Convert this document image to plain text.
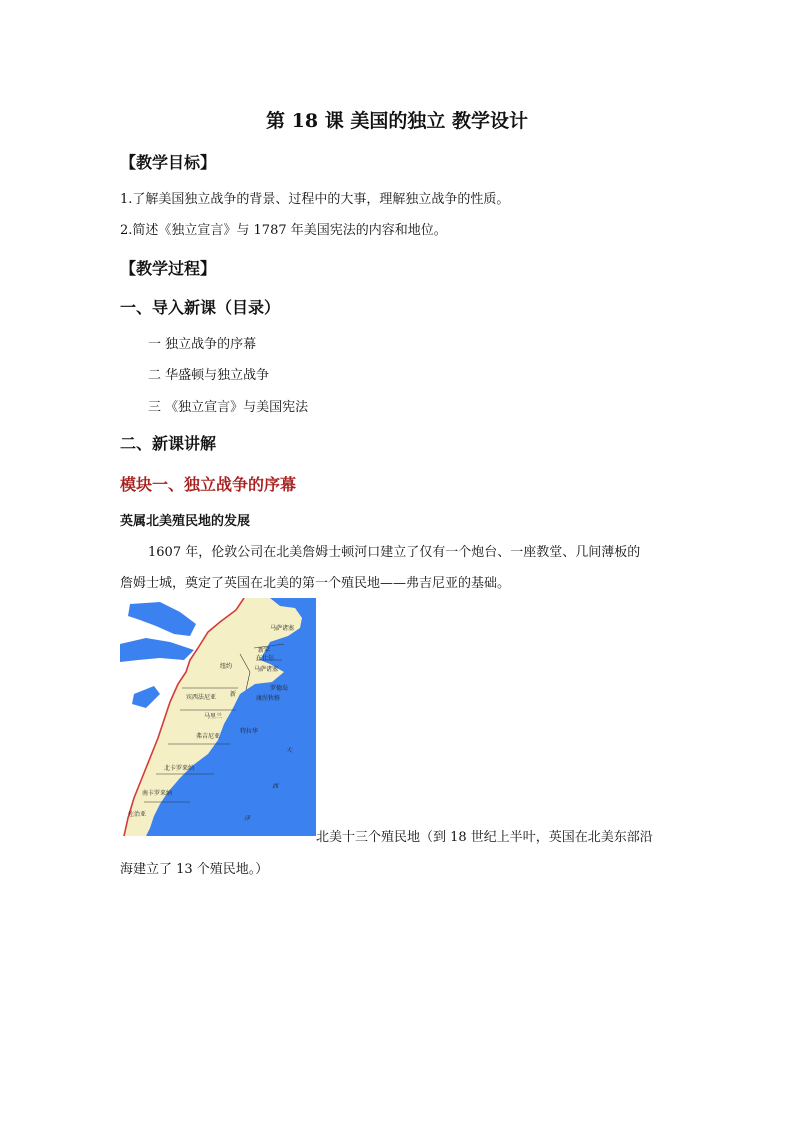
第 18 课 美国的独立 教学设计
【教学目标】
1.了解美国独立战争的背景、过程中的大事，理解独立战争的性质。
2.简述《独立宣言》与 1787 年美国宪法的内容和地位。
【教学过程】
一、导入新课（目录）
一 独立战争的序幕
二 华盛顿与独立战争
三 《独立宣言》与美国宪法
二、新课讲解
模块一、独立战争的序幕
英属北美殖民地的发展
1607 年，伦敦公司在北美詹姆士顿河口建立了仅有一个炮台、一座教堂、几间薄板的
詹姆士城，奠定了英国在北美的第一个殖民地——弗吉尼亚的基础。
马萨诸塞
新罕
布什尔
纽约	马萨诸塞
罗德岛
康涅狄格
新
宾西法尼亚
马里兰
特拉华
弗吉尼亚
北卡罗来纳
南卡罗来纳
佐治亚
大
西
洋
北美十三个殖民地（到 18 世纪上半叶，英国在北美东部沿
海建立了 13 个殖民地。）
